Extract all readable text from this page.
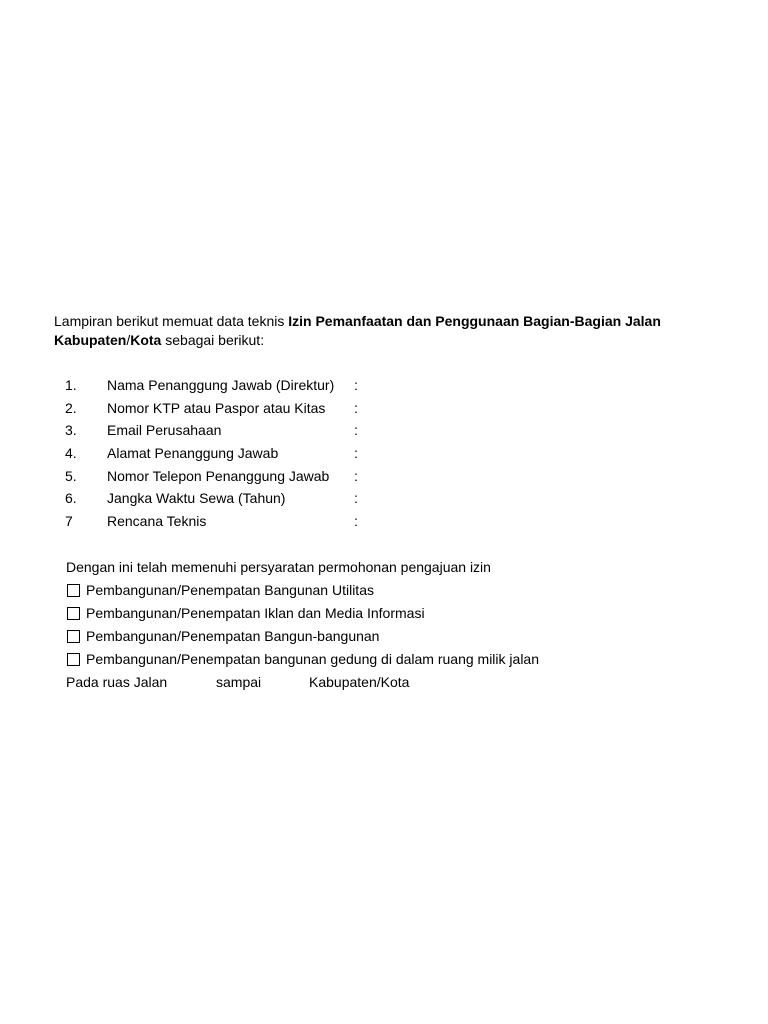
Lampiran berikut memuat data teknis Izin Pemanfaatan dan Penggunaan Bagian-Bagian Jalan
Kabupaten/Kota sebagai berikut:
1. Nama Penanggung Jawab (Direktur) :
2. Nomor KTP atau Paspor atau Kitas :
3. Email Perusahaan	:
4. Alamat Penanggung Jawab	:
5. Nomor Telepon Penanggung Jawab :
6. Jangka Waktu Sewa (Tahun)	:
7 Rencana Teknis	:
Dengan ini telah memenuhi persyaratan permohonan pengajuan izin
Pembangunan/Penempatan Bangunan Utilitas
Pembangunan/Penempatan Iklan dan Media Informasi
Pembangunan/Penempatan Bangun-bangunan
Pembangunan/Penempatan bangunan gedung di dalam ruang milik jalan
Pada ruas Jalan	sampai	Kabupaten/Kota
